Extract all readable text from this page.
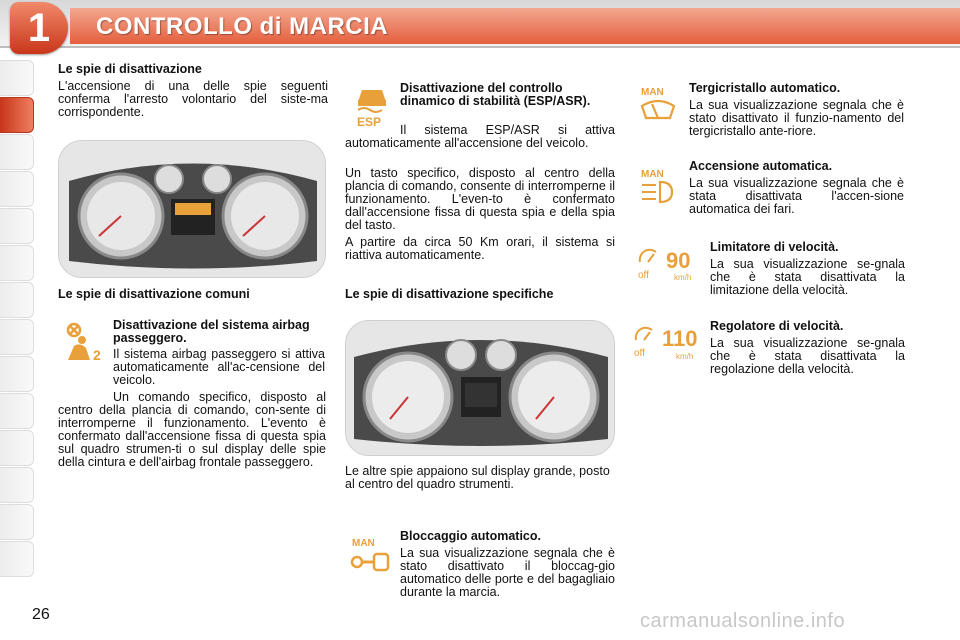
1	CONTROLLO di MARCIA
Le spie di disattivazione
L'accensione di una delle spie seguenti conferma l'arresto volontario del siste-ma corrispondente.
Le spie di disattivazione comuni
2
Disattivazione del sistema airbag passeggero.
Il sistema airbag passeggero si attiva automaticamente all'ac-censione del veicolo.
Un comando specifico, disposto al centro della plancia di comando, con-sente di interromperne il funzionamento. L'evento è confermato dall'accensione fissa di questa spia sul quadro strumen-ti o sul display delle spie della cintura e dell'airbag frontale passeggero.
ESP
Disattivazione del controllo dinamico di stabilità (ESP/ASR).
Il sistema ESP/ASR si attiva automaticamente all'accensione del veicolo.
Un tasto specifico, disposto al centro della plancia di comando, consente di interromperne il funzionamento. L'even-to è confermato dall'accensione fissa di questa spia e della spia del tasto.
A partire da circa 50 Km orari, il sistema si riattiva automaticamente.
Le spie di disattivazione specifiche
Le altre spie appaiono sul display grande, posto al centro del quadro strumenti.
MAN
Bloccaggio automatico.
La sua visualizzazione segnala che è stato disattivato il bloccag-gio automatico delle porte e del bagagliaio durante la marcia.
MAN Tergicristallo automatico.
La sua visualizzazione segnala che è stato disattivato il funzio-namento del tergicristallo ante-riore.
MAN
Accensione automatica.
La sua visualizzazione segnala che è stata disattivata l'accen-sione automatica dei fari.
off
90
km/h
Limitatore di velocità.
La sua visualizzazione se-gnala che è stata disattivata la limitazione della velocità.
off
110
km/h
Regolatore di velocità.
La sua visualizzazione se-gnala che è stata disattivata la regolazione della velocità.
26	carmanualsonline.info
